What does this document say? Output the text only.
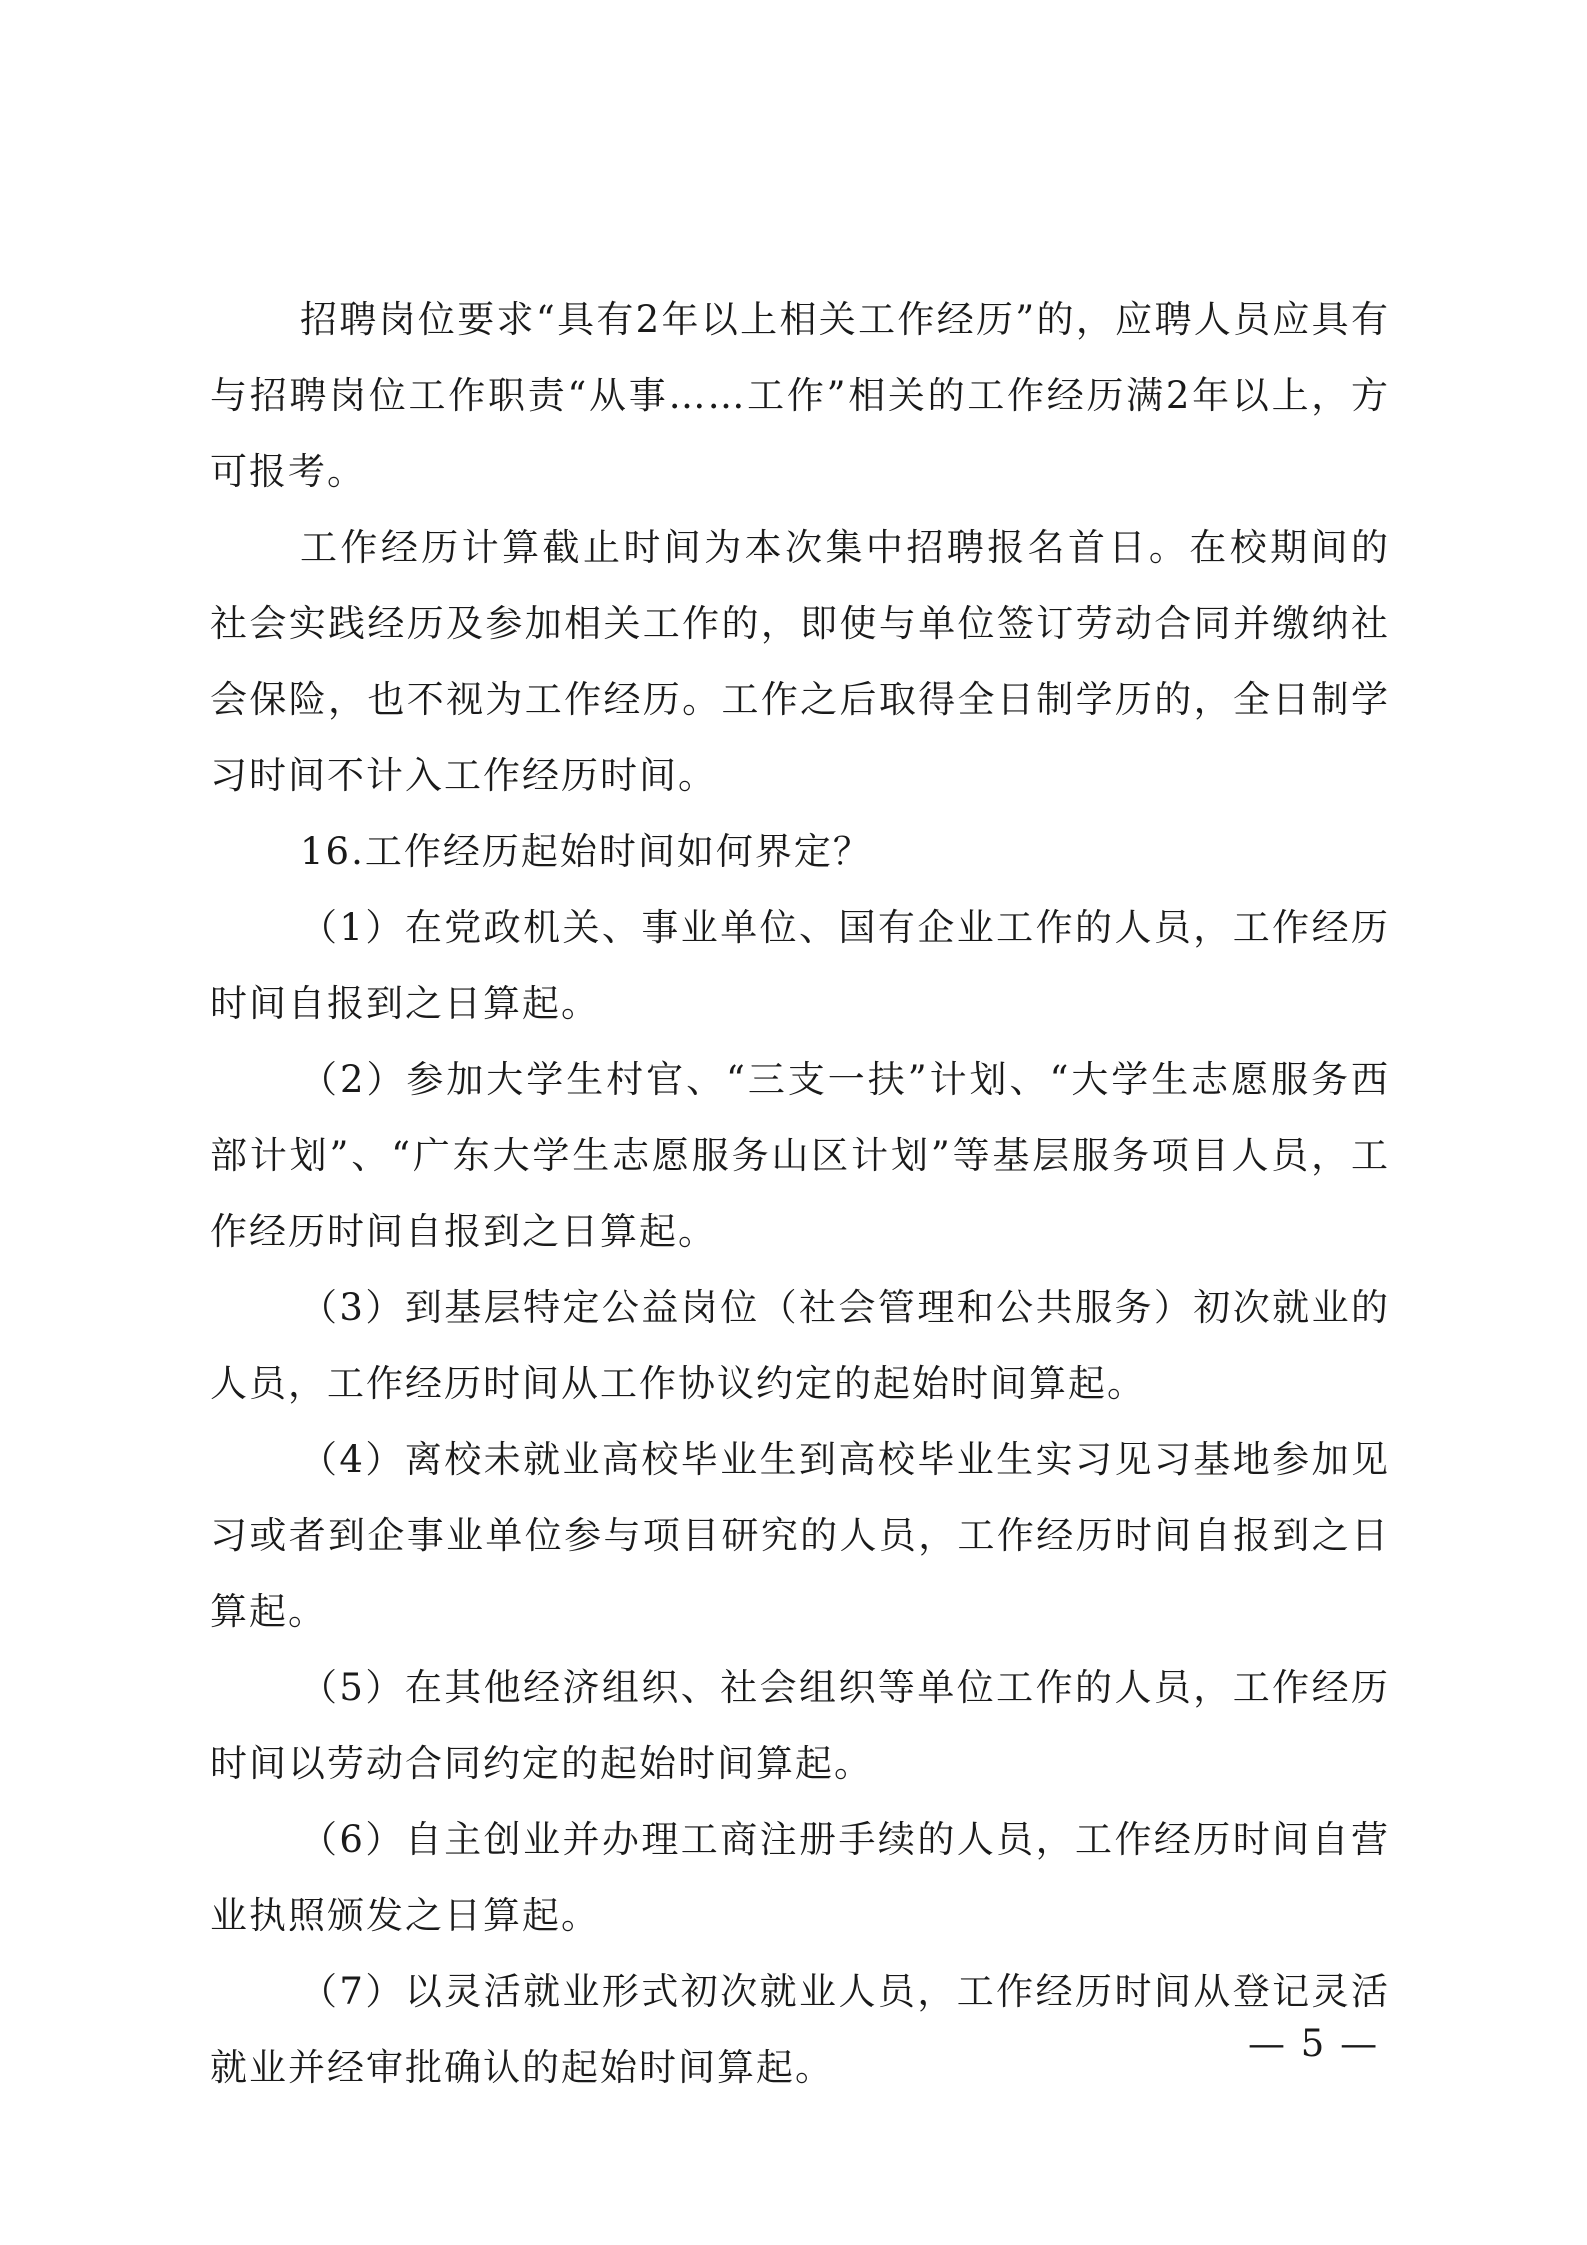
招聘岗位要求“具有2年以上相关工作经历”的，应聘人员应具有与招聘岗位工作职责“从事……工作”相关的工作经历满2年以上，方可报考。

工作经历计算截止时间为本次集中招聘报名首日。在校期间的社会实践经历及参加相关工作的，即使与单位签订劳动合同并缴纳社会保险，也不视为工作经历。工作之后取得全日制学历的，全日制学习时间不计入工作经历时间。

16.工作经历起始时间如何界定？

（1）在党政机关、事业单位、国有企业工作的人员，工作经历时间自报到之日算起。

（2）参加大学生村官、“三支一扶”计划、“大学生志愿服务西部计划”、“广东大学生志愿服务山区计划”等基层服务项目人员，工作经历时间自报到之日算起。

（3）到基层特定公益岗位（社会管理和公共服务）初次就业的人员，工作经历时间从工作协议约定的起始时间算起。

（4）离校未就业高校毕业生到高校毕业生实习见习基地参加见习或者到企事业单位参与项目研究的人员，工作经历时间自报到之日算起。

（5）在其他经济组织、社会组织等单位工作的人员，工作经历时间以劳动合同约定的起始时间算起。

（6）自主创业并办理工商注册手续的人员，工作经历时间自营业执照颁发之日算起。

（7）以灵活就业形式初次就业人员，工作经历时间从登记灵活就业并经审批确认的起始时间算起。

— 5 —
